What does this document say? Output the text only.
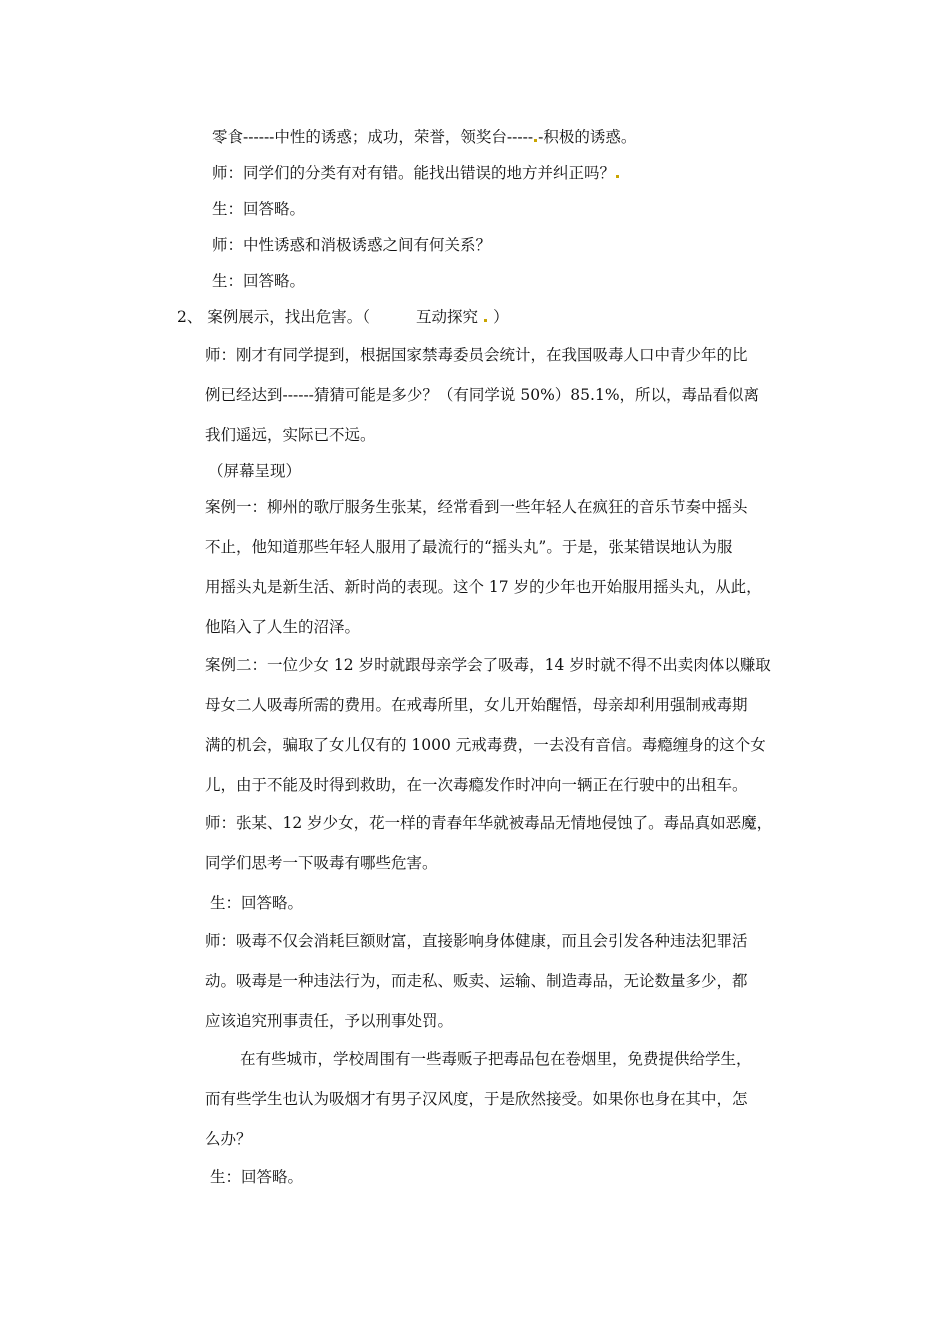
零食------中性的诱惑；成功，荣誉，领奖台----- -积极的诱惑。
师：同学们的分类有对有错。能找出错误的地方并纠正吗？
生：回答略。
师：中性诱惑和消极诱惑之间有何关系？
生：回答略。
2、 案例展示，找出危害。（	互动探究 ）
师：刚才有同学提到，根据国家禁毒委员会统计，在我国吸毒人口中青少年的比
例已经达到------猜猜可能是多少？（有同学说 50%）85.1%，所以，毒品看似离
我们遥远，实际已不远。
（屏幕呈现）
案例一：柳州的歌厅服务生张某，经常看到一些年轻人在疯狂的音乐节奏中摇头
不止，他知道那些年轻人服用了最流行的“摇头丸”。于是，张某错误地认为服
用摇头丸是新生活、新时尚的表现。这个 17 岁的少年也开始服用摇头丸，从此，
他陷入了人生的沼泽。
案例二：一位少女 12 岁时就跟母亲学会了吸毒，14 岁时就不得不出卖肉体以赚取
母女二人吸毒所需的费用。在戒毒所里，女儿开始醒悟，母亲却利用强制戒毒期
满的机会，骗取了女儿仅有的 1000 元戒毒费，一去没有音信。毒瘾缠身的这个女
儿，由于不能及时得到救助，在一次毒瘾发作时冲向一辆正在行驶中的出租车。
师：张某、12 岁少女，花一样的青春年华就被毒品无情地侵蚀了。毒品真如恶魔，
同学们思考一下吸毒有哪些危害。
生：回答略。
师：吸毒不仅会消耗巨额财富，直接影响身体健康，而且会引发各种违法犯罪活
动。吸毒是一种违法行为，而走私、贩卖、运输、制造毒品，无论数量多少，都
应该追究刑事责任，予以刑事处罚。
在有些城市，学校周围有一些毒贩子把毒品包在卷烟里，免费提供给学生，
而有些学生也认为吸烟才有男子汉风度，于是欣然接受。如果你也身在其中，怎
么办？
生：回答略。
